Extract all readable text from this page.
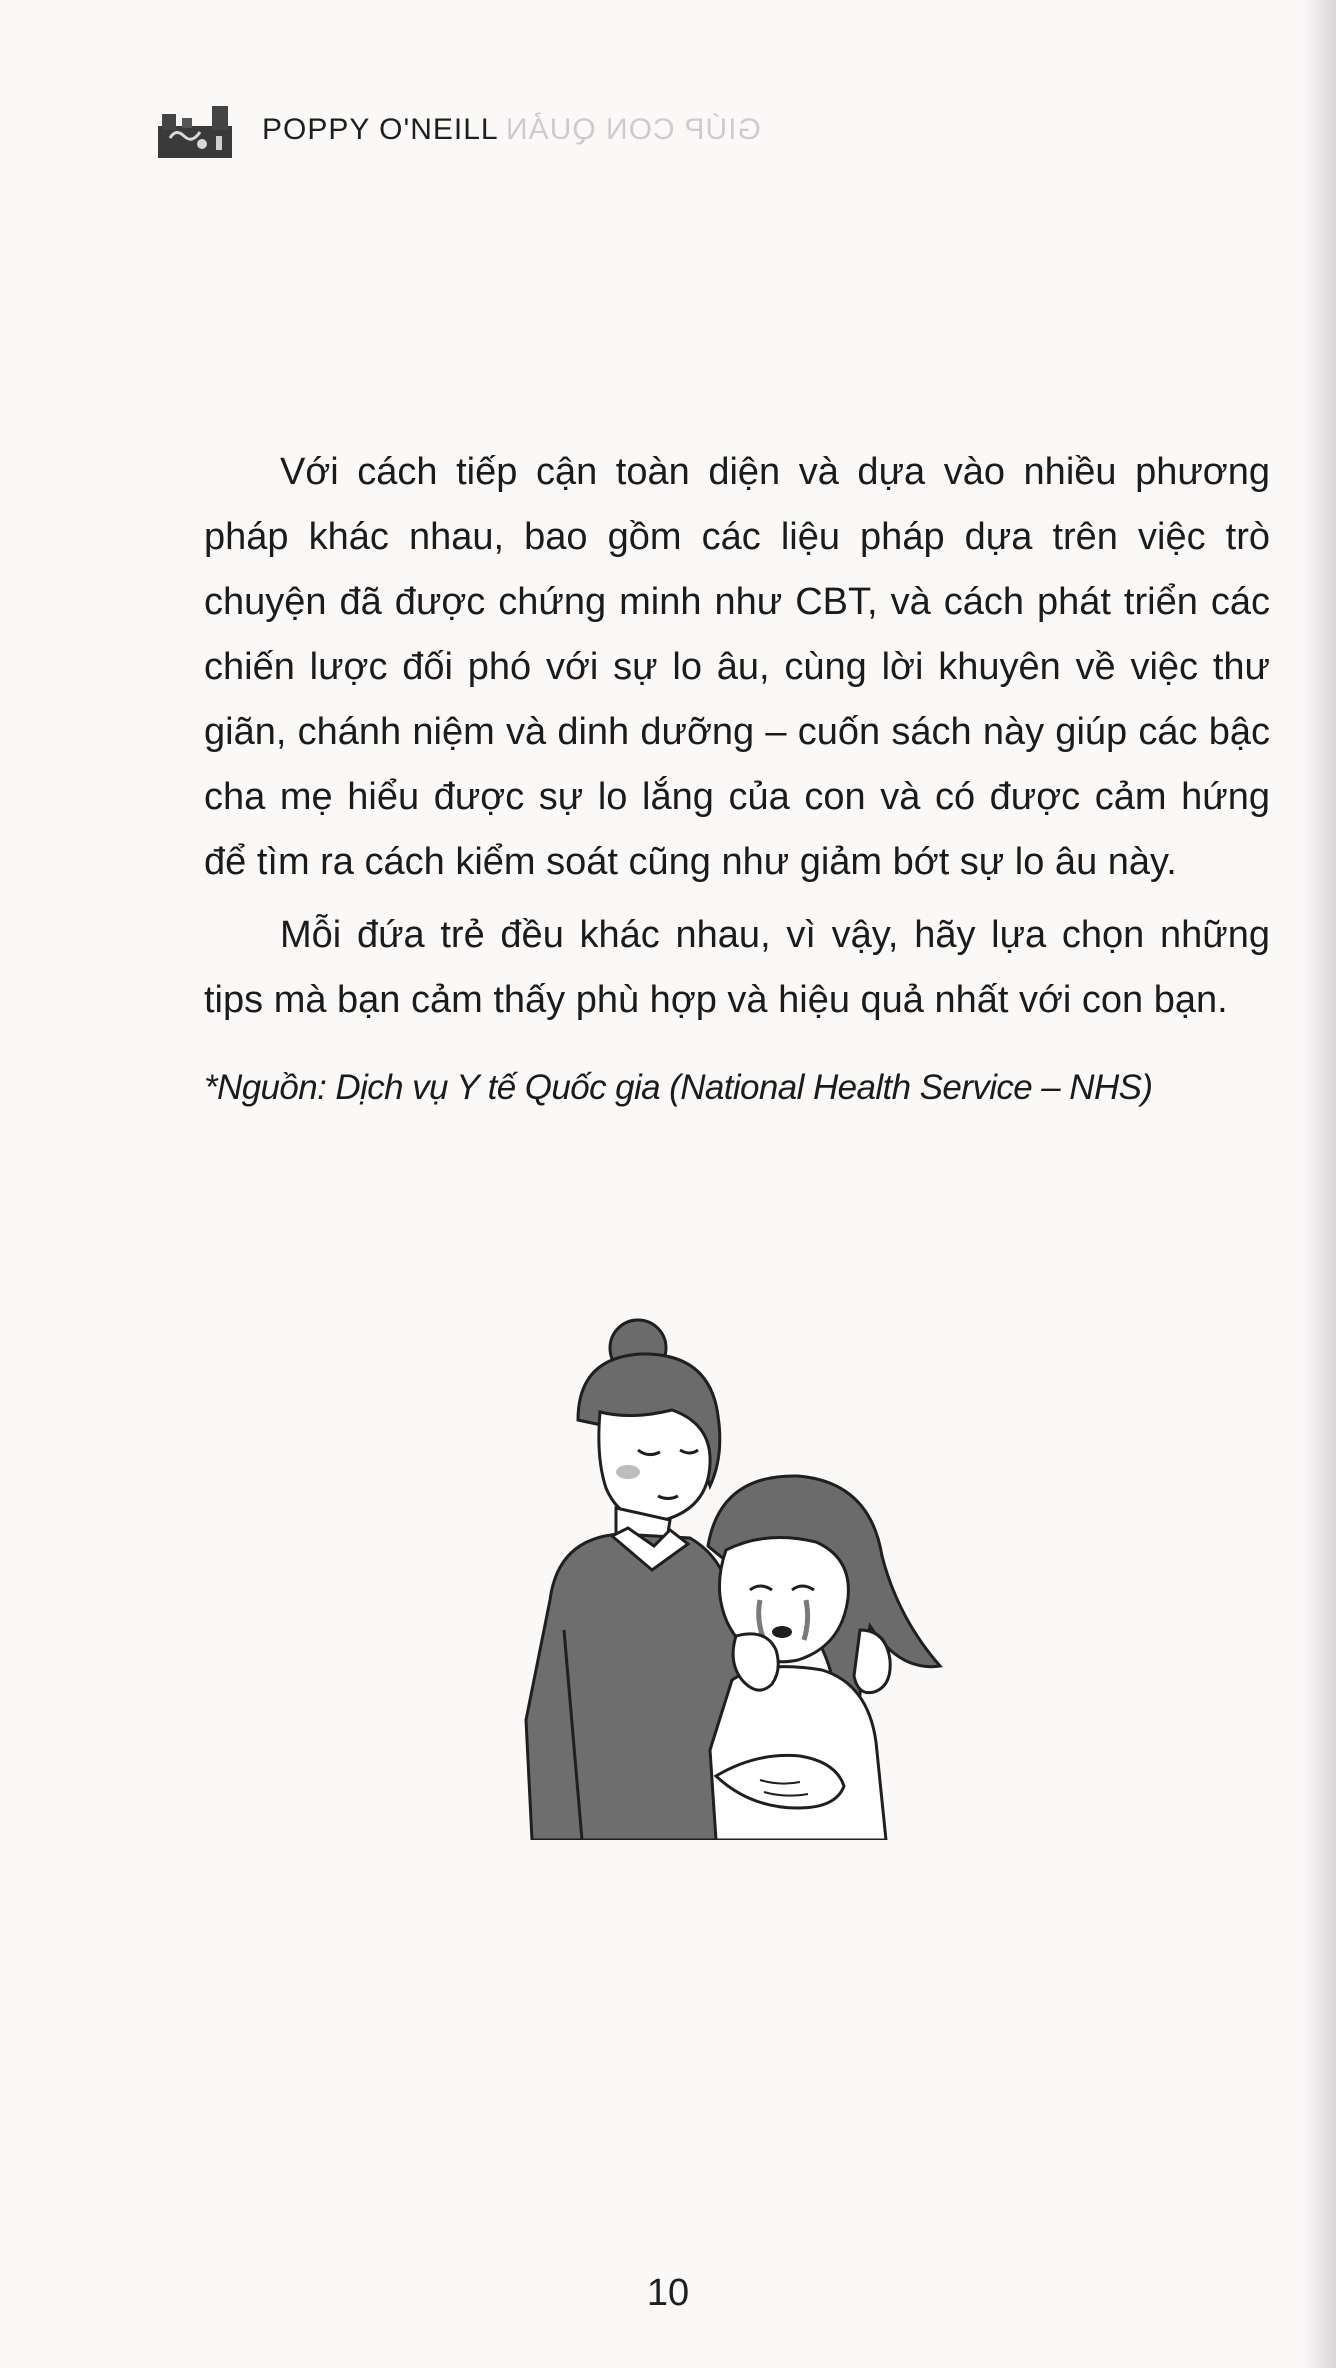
POPPY O'NEILL GIÚP CON QUẢN

Với cách tiếp cận toàn diện và dựa vào nhiều phương pháp khác nhau, bao gồm các liệu pháp dựa trên việc trò chuyện đã được chứng minh như CBT, và cách phát triển các chiến lược đối phó với sự lo âu, cùng lời khuyên về việc thư giãn, chánh niệm và dinh dưỡng – cuốn sách này giúp các bậc cha mẹ hiểu được sự lo lắng của con và có được cảm hứng để tìm ra cách kiểm soát cũng như giảm bớt sự lo âu này.

Mỗi đứa trẻ đều khác nhau, vì vậy, hãy lựa chọn những tips mà bạn cảm thấy phù hợp và hiệu quả nhất với con bạn.

*Nguồn: Dịch vụ Y tế Quốc gia (National Health Service – NHS)

10
